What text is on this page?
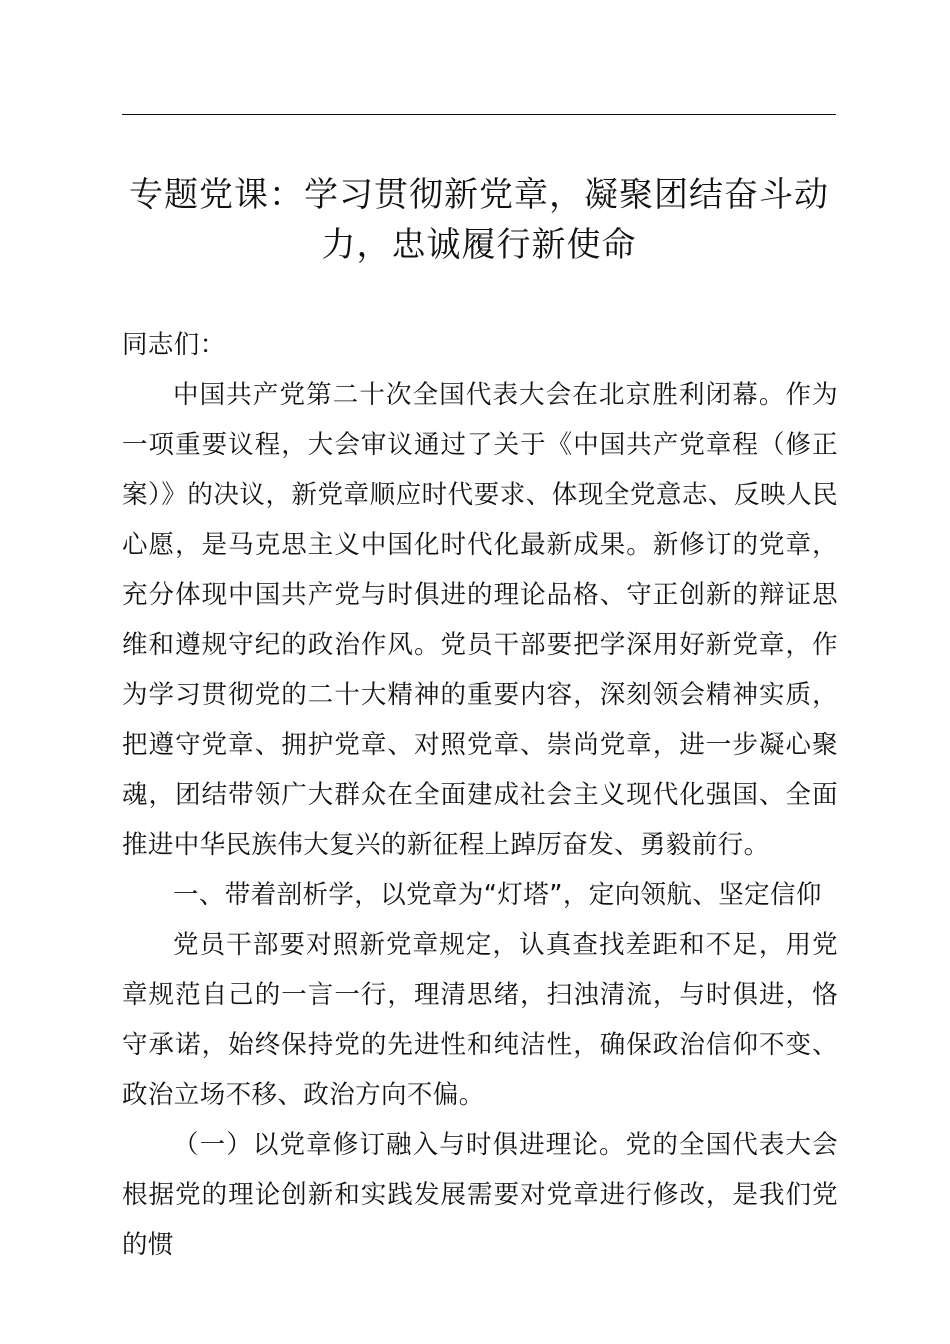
专题党课：学习贯彻新党章，凝聚团结奋斗动力，忠诚履行新使命

同志们：

中国共产党第二十次全国代表大会在北京胜利闭幕。作为一项重要议程，大会审议通过了关于《中国共产党章程（修正案）》的决议，新党章顺应时代要求、体现全党意志、反映人民心愿，是马克思主义中国化时代化最新成果。新修订的党章，充分体现中国共产党与时俱进的理论品格、守正创新的辩证思维和遵规守纪的政治作风。党员干部要把学深用好新党章，作为学习贯彻党的二十大精神的重要内容，深刻领会精神实质，把遵守党章、拥护党章、对照党章、崇尚党章，进一步凝心聚魂，团结带领广大群众在全面建成社会主义现代化强国、全面推进中华民族伟大复兴的新征程上踔厉奋发、勇毅前行。

一、带着剖析学，以党章为“灯塔”，定向领航、坚定信仰

党员干部要对照新党章规定，认真查找差距和不足，用党章规范自己的一言一行，理清思绪，扫浊清流，与时俱进，恪守承诺，始终保持党的先进性和纯洁性，确保政治信仰不变、政治立场不移、政治方向不偏。

（一）以党章修订融入与时俱进理论。党的全国代表大会根据党的理论创新和实践发展需要对党章进行修改，是我们党的惯
